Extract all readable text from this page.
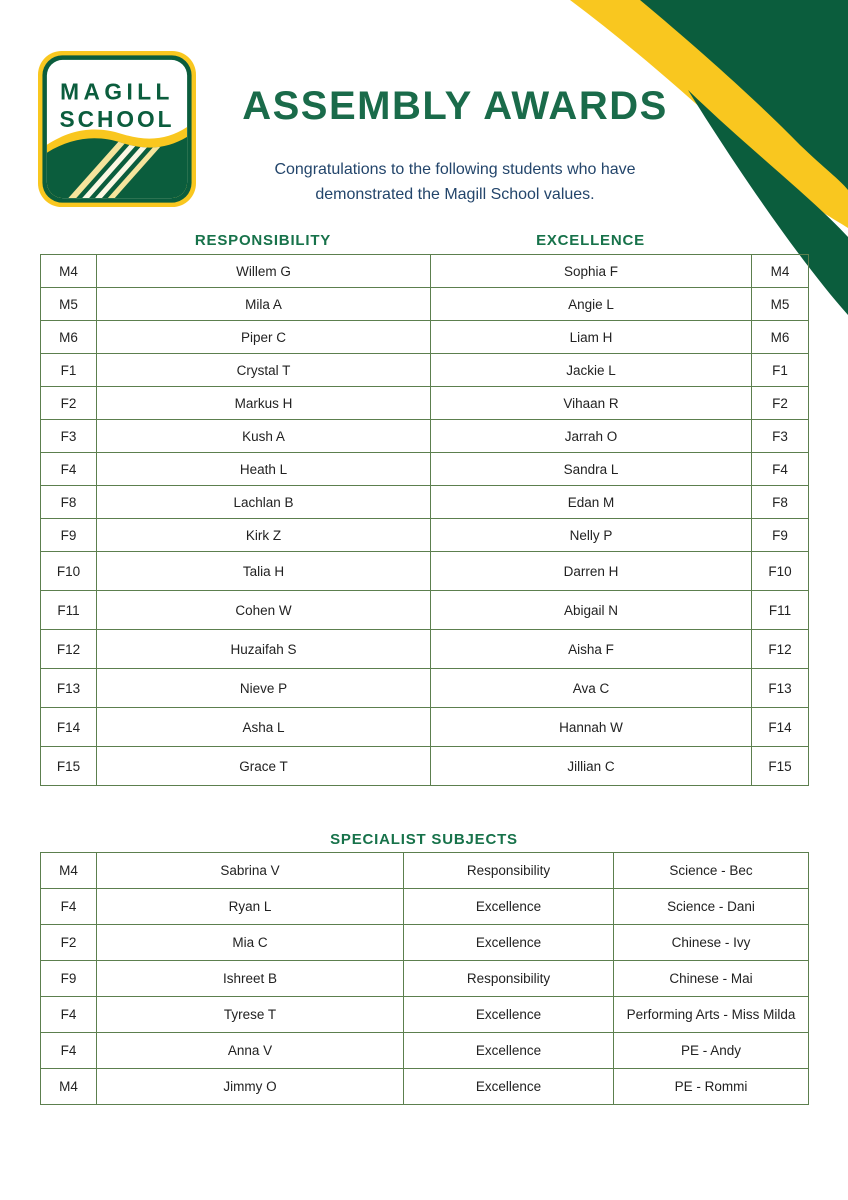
MAGILL
SCHOOL	ASSEMBLY AWARDS

Congratulations to the following students who have
demonstrated the Magill School values.

RESPONSIBILITY	EXCELLENCE
M4	Willem G	Sophia F	M4
M5	Mila A	Angie L	M5
M6	Piper C	Liam H	M6
F1	Crystal T	Jackie L	F1
F2	Markus H	Vihaan R	F2
F3	Kush A	Jarrah O	F3
F4	Heath L	Sandra L	F4
F8	Lachlan B	Edan M	F8
F9	Kirk Z	Nelly P	F9
F10	Talia H	Darren H	F10
F11	Cohen W	Abigail N	F11
F12	Huzaifah S	Aisha F	F12
F13	Nieve P	Ava C	F13
F14	Asha L	Hannah W	F14
F15	Grace T	Jillian C	F15
SPECIALIST SUBJECTS
M4	Sabrina V	Responsibility	Science - Bec
F4	Ryan L	Excellence	Science - Dani
F2	Mia C	Excellence	Chinese - Ivy
F9	Ishreet B	Responsibility	Chinese - Mai
F4	Tyrese T	Excellence	Performing Arts - Miss Milda
F4	Anna V	Excellence	PE - Andy
M4	Jimmy O	Excellence	PE - Rommi
